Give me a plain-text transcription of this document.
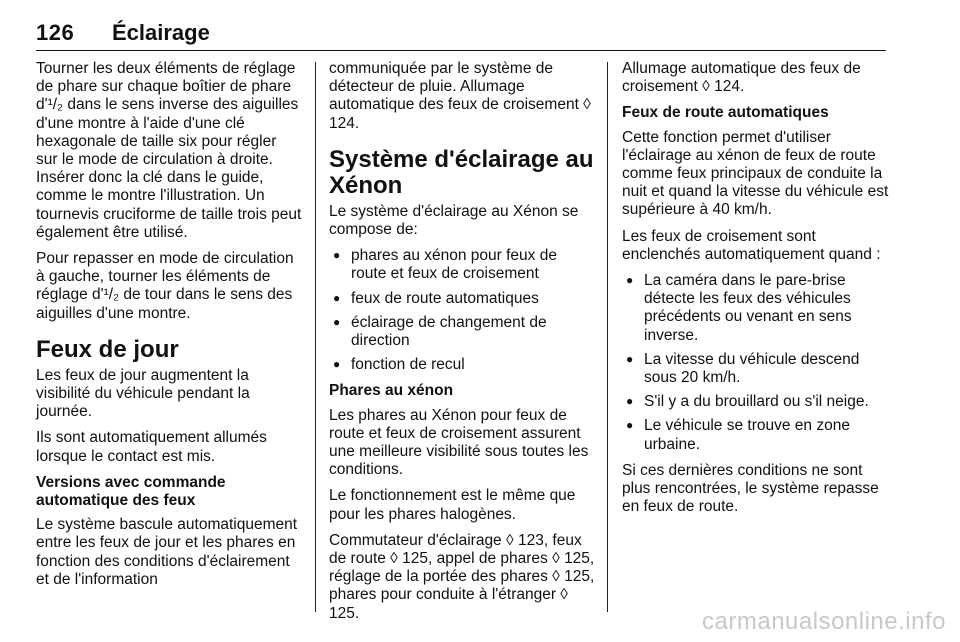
126 Éclairage

Tourner les deux éléments de réglage de phare sur chaque boîtier de phare d'¹/₂ dans le sens inverse des aiguilles d'une montre à l'aide d'une clé hexagonale de taille six pour régler sur le mode de circulation à droite. Insérer donc la clé dans le guide, comme le montre l'illustration. Un tournevis cruciforme de taille trois peut également être utilisé.

Pour repasser en mode de circulation à gauche, tourner les éléments de réglage d'¹/₂ de tour dans le sens des aiguilles d'une montre.

Feux de jour

Les feux de jour augmentent la visibilité du véhicule pendant la journée.

Ils sont automatiquement allumés lorsque le contact est mis.

Versions avec commande automatique des feux

Le système bascule automatiquement entre les feux de jour et les phares en fonction des conditions d'éclairement et de l'information

communiquée par le système de détecteur de pluie. Allumage automatique des feux de croisement ◊ 124.

Système d'éclairage au Xénon

Le système d'éclairage au Xénon se compose de:

● phares au xénon pour feux de route et feux de croisement
● feux de route automatiques
● éclairage de changement de direction
● fonction de recul
Phares au xénon

Les phares au Xénon pour feux de route et feux de croisement assurent une meilleure visibilité sous toutes les conditions.

Le fonctionnement est le même que pour les phares halogènes.

Commutateur d'éclairage ◊ 123, feux de route ◊ 125, appel de phares ◊ 125, réglage de la portée des phares ◊ 125, phares pour conduite à l'étranger ◊ 125.

Allumage automatique des feux de croisement ◊ 124.

Feux de route automatiques

Cette fonction permet d'utiliser l'éclairage au xénon de feux de route comme feux principaux de conduite la nuit et quand la vitesse du véhicule est supérieure à 40 km/h.

Les feux de croisement sont enclenchés automatiquement quand :

● La caméra dans le pare-brise détecte les feux des véhicules précédents ou venant en sens inverse.
● La vitesse du véhicule descend sous 20 km/h.
● S'il y a du brouillard ou s'il neige.
● Le véhicule se trouve en zone urbaine.

Si ces dernières conditions ne sont plus rencontrées, le système repasse en feux de route.

carmanualsonline.info
